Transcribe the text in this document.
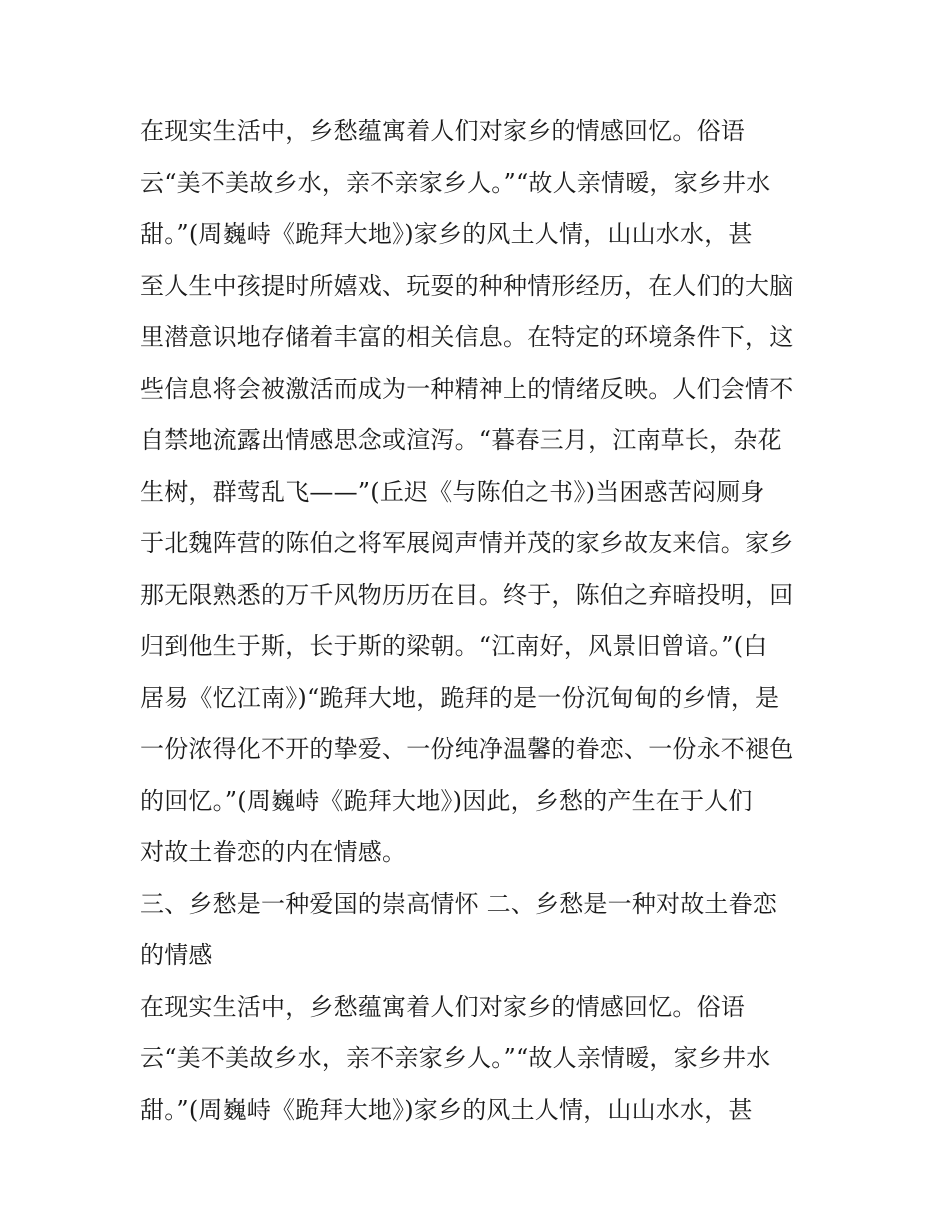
在现实生活中，乡愁蕴寓着人们对家乡的情感回忆。俗语
云“美不美故乡水，亲不亲家乡人。”“故人亲情暧，家乡井水
甜。”(周巍峙《跪拜大地》)家乡的风土人情，山山水水，甚
至人生中孩提时所嬉戏、玩耍的种种情形经历，在人们的大脑
里潜意识地存储着丰富的相关信息。在特定的环境条件下，这
些信息将会被激活而成为一种精神上的情绪反映。人们会情不
自禁地流露出情感思念或渲泻。“暮春三月，江南草长，杂花
生树，群莺乱飞——”(丘迟《与陈伯之书》)当困惑苦闷厕身
于北魏阵营的陈伯之将军展阅声情并茂的家乡故友来信。家乡
那无限熟悉的万千风物历历在目。终于，陈伯之弃暗投明，回
归到他生于斯，长于斯的梁朝。“江南好，风景旧曾谙。”(白
居易《忆江南》)“跪拜大地，跪拜的是一份沉甸甸的乡情，是
一份浓得化不开的挚爱、一份纯净温馨的眷恋、一份永不褪色
的回忆。”(周巍峙《跪拜大地》)因此，乡愁的产生在于人们
对故土眷恋的内在情感。
三、乡愁是一种爱国的崇高情怀 二、乡愁是一种对故土眷恋
的情感
在现实生活中，乡愁蕴寓着人们对家乡的情感回忆。俗语
云“美不美故乡水，亲不亲家乡人。”“故人亲情暧，家乡井水
甜。”(周巍峙《跪拜大地》)家乡的风土人情，山山水水，甚
